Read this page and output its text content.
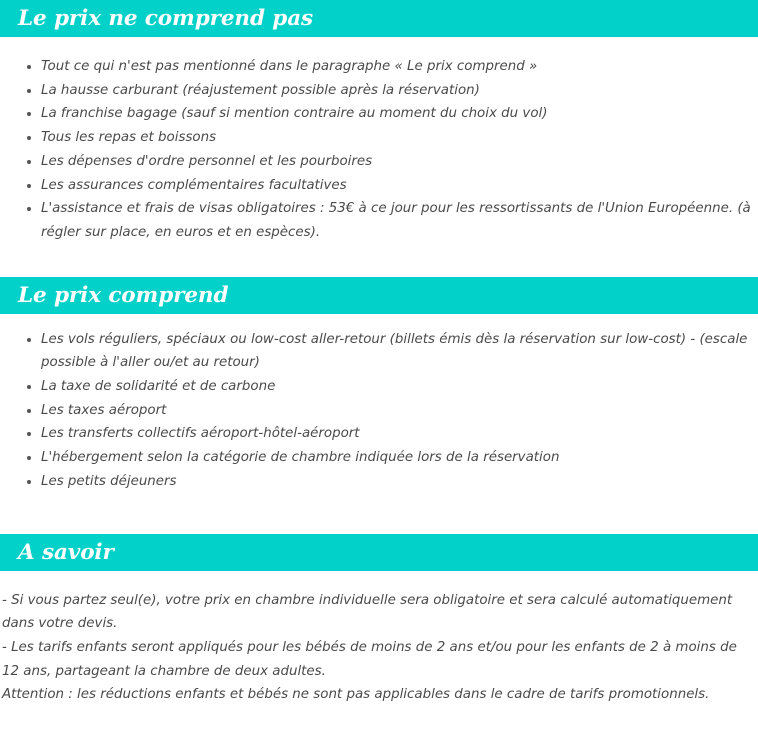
Le prix ne comprend pas
Tout ce qui n'est pas mentionné dans le paragraphe « Le prix comprend »
La hausse carburant (réajustement possible après la réservation)
La franchise bagage (sauf si mention contraire au moment du choix du vol)
Tous les repas et boissons
Les dépenses d'ordre personnel et les pourboires
Les assurances complémentaires facultatives
L'assistance et frais de visas obligatoires : 53€ à ce jour pour les ressortissants de l'Union Européenne. (à régler sur place, en euros et en espèces).
Le prix comprend
Les vols réguliers, spéciaux ou low-cost aller-retour (billets émis dès la réservation sur low-cost) - (escale possible à l'aller ou/et au retour)
La taxe de solidarité et de carbone
Les taxes aéroport
Les transferts collectifs aéroport-hôtel-aéroport
L'hébergement selon la catégorie de chambre indiquée lors de la réservation
Les petits déjeuners
A savoir

- Si vous partez seul(e), votre prix en chambre individuelle sera obligatoire et sera calculé automatiquement dans votre devis.

- Les tarifs enfants seront appliqués pour les bébés de moins de 2 ans et/ou pour les enfants de 2 à moins de 12 ans, partageant la chambre de deux adultes.

Attention : les réductions enfants et bébés ne sont pas applicables dans le cadre de tarifs promotionnels.
